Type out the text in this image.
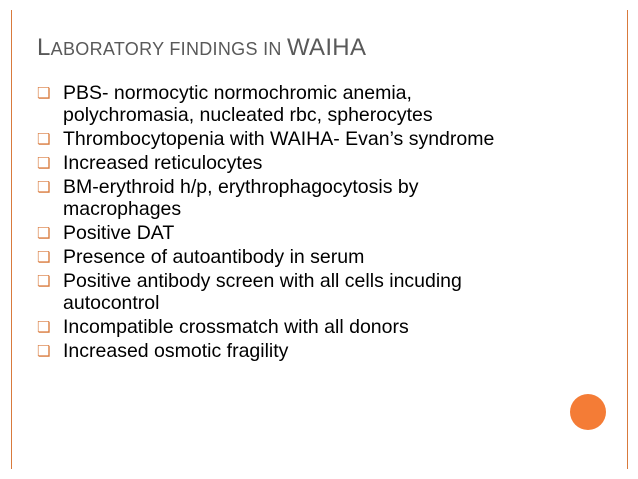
LABORATORY FINDINGS IN WAIHA
❏ PBS- normocytic normochromic anemia, polychromasia, nucleated rbc, spherocytes
❏ Thrombocytopenia with WAIHA- Evan’s syndrome
❏ Increased reticulocytes
❏ BM-erythroid h/p, erythrophagocytosis by macrophages
❏ Positive DAT
❏ Presence of autoantibody in serum
❏ Positive antibody screen with all cells incuding autocontrol
❏ Incompatible crossmatch with all donors
❏ Increased osmotic fragility
